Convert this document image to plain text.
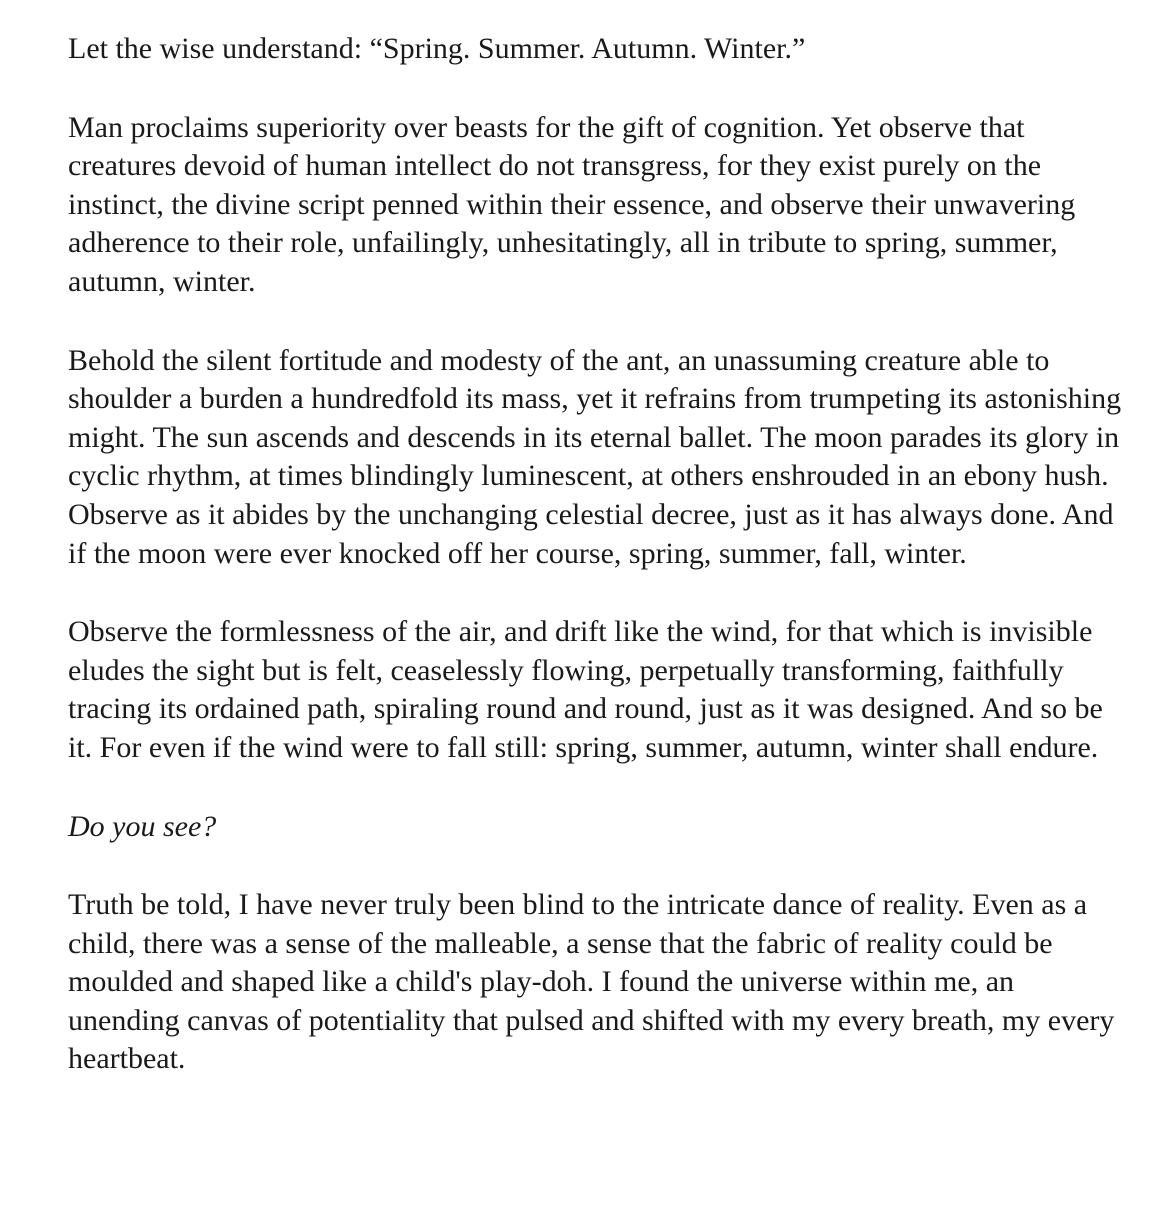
Let the wise understand: “Spring. Summer. Autumn. Winter.”

Man proclaims superiority over beasts for the gift of cognition. Yet observe that creatures devoid of human intellect do not transgress, for they exist purely on the instinct, the divine script penned within their essence, and observe their unwavering adherence to their role, unfailingly, unhesitatingly, all in tribute to spring, summer, autumn, winter.

Behold the silent fortitude and modesty of the ant, an unassuming creature able to shoulder a burden a hundredfold its mass, yet it refrains from trumpeting its astonishing might. The sun ascends and descends in its eternal ballet. The moon parades its glory in cyclic rhythm, at times blindingly luminescent, at others enshrouded in an ebony hush. Observe as it abides by the unchanging celestial decree, just as it has always done. And if the moon were ever knocked off her course, spring, summer, fall, winter.

Observe the formlessness of the air, and drift like the wind, for that which is invisible eludes the sight but is felt, ceaselessly flowing, perpetually transforming, faithfully tracing its ordained path, spiraling round and round, just as it was designed. And so be it. For even if the wind were to fall still: spring, summer, autumn, winter shall endure.

Do you see?

Truth be told, I have never truly been blind to the intricate dance of reality. Even as a child, there was a sense of the malleable, a sense that the fabric of reality could be moulded and shaped like a child's play-doh. I found the universe within me, an unending canvas of potentiality that pulsed and shifted with my every breath, my every heartbeat.
